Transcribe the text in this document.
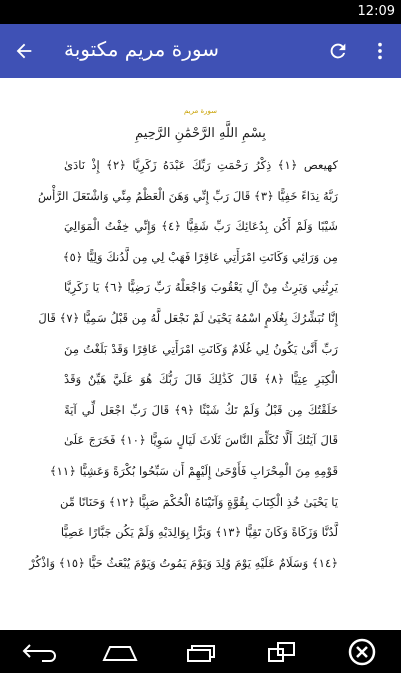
12:09
سورة مريم مكتوبة
سورة مريم
بِسْمِ اللَّهِ الرَّحْمَٰنِ الرَّحِيمِ
كهيعص ﴿١﴾ ذِكْرُ رَحْمَتِ رَبِّكَ عَبْدَهُ زَكَرِيَّا ﴿٢﴾ إِذْ نَادَىٰ
رَبَّهُ نِدَاءً خَفِيًّا ﴿٣﴾ قَالَ رَبِّ إِنِّي وَهَنَ الْعَظْمُ مِنِّي وَاشْتَعَلَ الرَّأْسُ
شَيْبًا وَلَمْ أَكُن بِدُعَائِكَ رَبِّ شَقِيًّا ﴿٤﴾ وَإِنِّي خِفْتُ الْمَوَالِيَ
مِن وَرَائِي وَكَانَتِ امْرَأَتِي عَاقِرًا فَهَبْ لِي مِن لَّدُنكَ وَلِيًّا ﴿٥﴾
يَرِثُنِي وَيَرِثُ مِنْ آلِ يَعْقُوبَ وَاجْعَلْهُ رَبِّ رَضِيًّا ﴿٦﴾ يَا زَكَرِيَّا
إِنَّا نُبَشِّرُكَ بِغُلَامٍ اسْمُهُ يَحْيَىٰ لَمْ نَجْعَل لَّهُ مِن قَبْلُ سَمِيًّا ﴿٧﴾ قَالَ
رَبِّ أَنَّىٰ يَكُونُ لِي غُلَامٌ وَكَانَتِ امْرَأَتِي عَاقِرًا وَقَدْ بَلَغْتُ مِنَ
الْكِبَرِ عِتِيًّا ﴿٨﴾ قَالَ كَذَٰلِكَ قَالَ رَبُّكَ هُوَ عَلَيَّ هَيِّنٌ وَقَدْ
خَلَقْتُكَ مِن قَبْلُ وَلَمْ تَكُ شَيْئًا ﴿٩﴾ قَالَ رَبِّ اجْعَل لِّي آيَةً
قَالَ آيَتُكَ أَلَّا تُكَلِّمَ النَّاسَ ثَلَاثَ لَيَالٍ سَوِيًّا ﴿١٠﴾ فَخَرَجَ عَلَىٰ
قَوْمِهِ مِنَ الْمِحْرَابِ فَأَوْحَىٰ إِلَيْهِمْ أَن سَبِّحُوا بُكْرَةً وَعَشِيًّا ﴿١١﴾
يَا يَحْيَىٰ خُذِ الْكِتَابَ بِقُوَّةٍ وَآتَيْنَاهُ الْحُكْمَ صَبِيًّا ﴿١٢﴾ وَحَنَانًا مِّن
لَّدُنَّا وَزَكَاةً وَكَانَ تَقِيًّا ﴿١٣﴾ وَبَرًّا بِوَالِدَيْهِ وَلَمْ يَكُن جَبَّارًا عَصِيًّا
﴿١٤﴾ وَسَلَامٌ عَلَيْهِ يَوْمَ وُلِدَ وَيَوْمَ يَمُوتُ وَيَوْمَ يُبْعَثُ حَيًّا ﴿١٥﴾ وَاذْكُرْ
